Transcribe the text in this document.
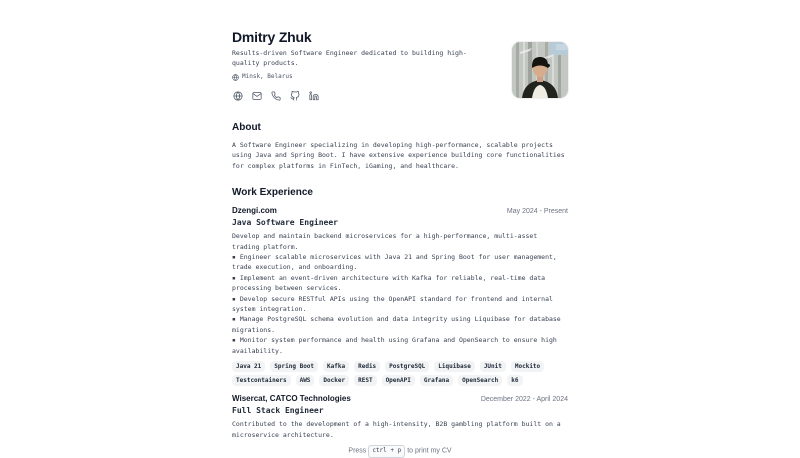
Dmitry Zhuk

Results-driven Software Engineer dedicated to building high-quality products.

Minsk, Belarus
About

A Software Engineer specializing in developing high-performance, scalable projects using Java and Spring Boot. I have extensive experience building core functionalities for complex platforms in FinTech, iGaming, and healthcare.

Work Experience
Dzengi.com	May 2024 - Present
Java Software Engineer

Develop and maintain backend microservices for a high-performance, multi-asset trading platform.

▪ Engineer scalable microservices with Java 21 and Spring Boot for user management, trade execution, and onboarding.
▪ Implement an event-driven architecture with Kafka for reliable, real-time data processing between services.
▪ Develop secure RESTful APIs using the OpenAPI standard for frontend and internal system integration.
▪ Manage PostgreSQL schema evolution and data integrity using Liquibase for database migrations.
▪ Monitor system performance and health using Grafana and OpenSearch to ensure high availability.
Java 21	Spring Boot	Kafka	Redis	PostgreSQL	Liquibase	JUnit	Mockito
Testcontainers	AWS	Docker	REST	OpenAPI	Grafana	OpenSearch	k6
Wisercat, CATCO Technologies	December 2022 - April 2024
Full Stack Engineer

Contributed to the development of a high-intensity, B2B gambling platform built on a microservice architecture.

Press ctrl + p to print my CV
